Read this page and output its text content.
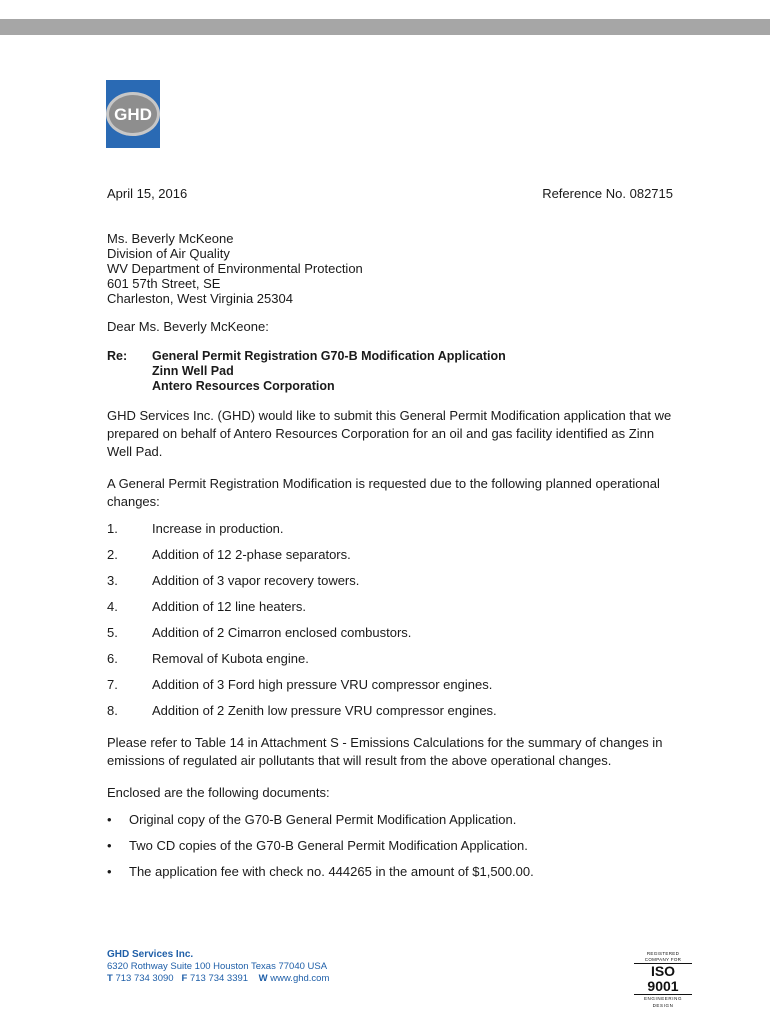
GHD
April 15, 2016	Reference No. 082715
Ms. Beverly McKeone
Division of Air Quality
WV Department of Environmental Protection
601 57th Street, SE
Charleston, West Virginia 25304
Dear Ms. Beverly McKeone:
Re: General Permit Registration G70-B Modification Application
Zinn Well Pad
Antero Resources Corporation
GHD Services Inc. (GHD) would like to submit this General Permit Modification application that we prepared on behalf of Antero Resources Corporation for an oil and gas facility identified as Zinn Well Pad.
A General Permit Registration Modification is requested due to the following planned operational changes:
1.	Increase in production.
2.	Addition of 12 2-phase separators.
3.	Addition of 3 vapor recovery towers.
4.	Addition of 12 line heaters.
5.	Addition of 2 Cimarron enclosed combustors.
6.	Removal of Kubota engine.
7.	Addition of 3 Ford high pressure VRU compressor engines.
8.	Addition of 2 Zenith low pressure VRU compressor engines.
Please refer to Table 14 in Attachment S - Emissions Calculations for the summary of changes in emissions of regulated air pollutants that will result from the above operational changes.
Enclosed are the following documents:
• Original copy of the G70-B General Permit Modification Application.
• Two CD copies of the G70-B General Permit Modification Application.
• The application fee with check no. 444265 in the amount of $1,500.00.
GHD Services Inc.
6320 Rothway Suite 100 Houston Texas 77040 USA
T 713 734 3090 F 713 734 3391 W www.ghd.com
REGISTERED COMPANY FOR
ISO 9001
ENGINEERING DESIGN
